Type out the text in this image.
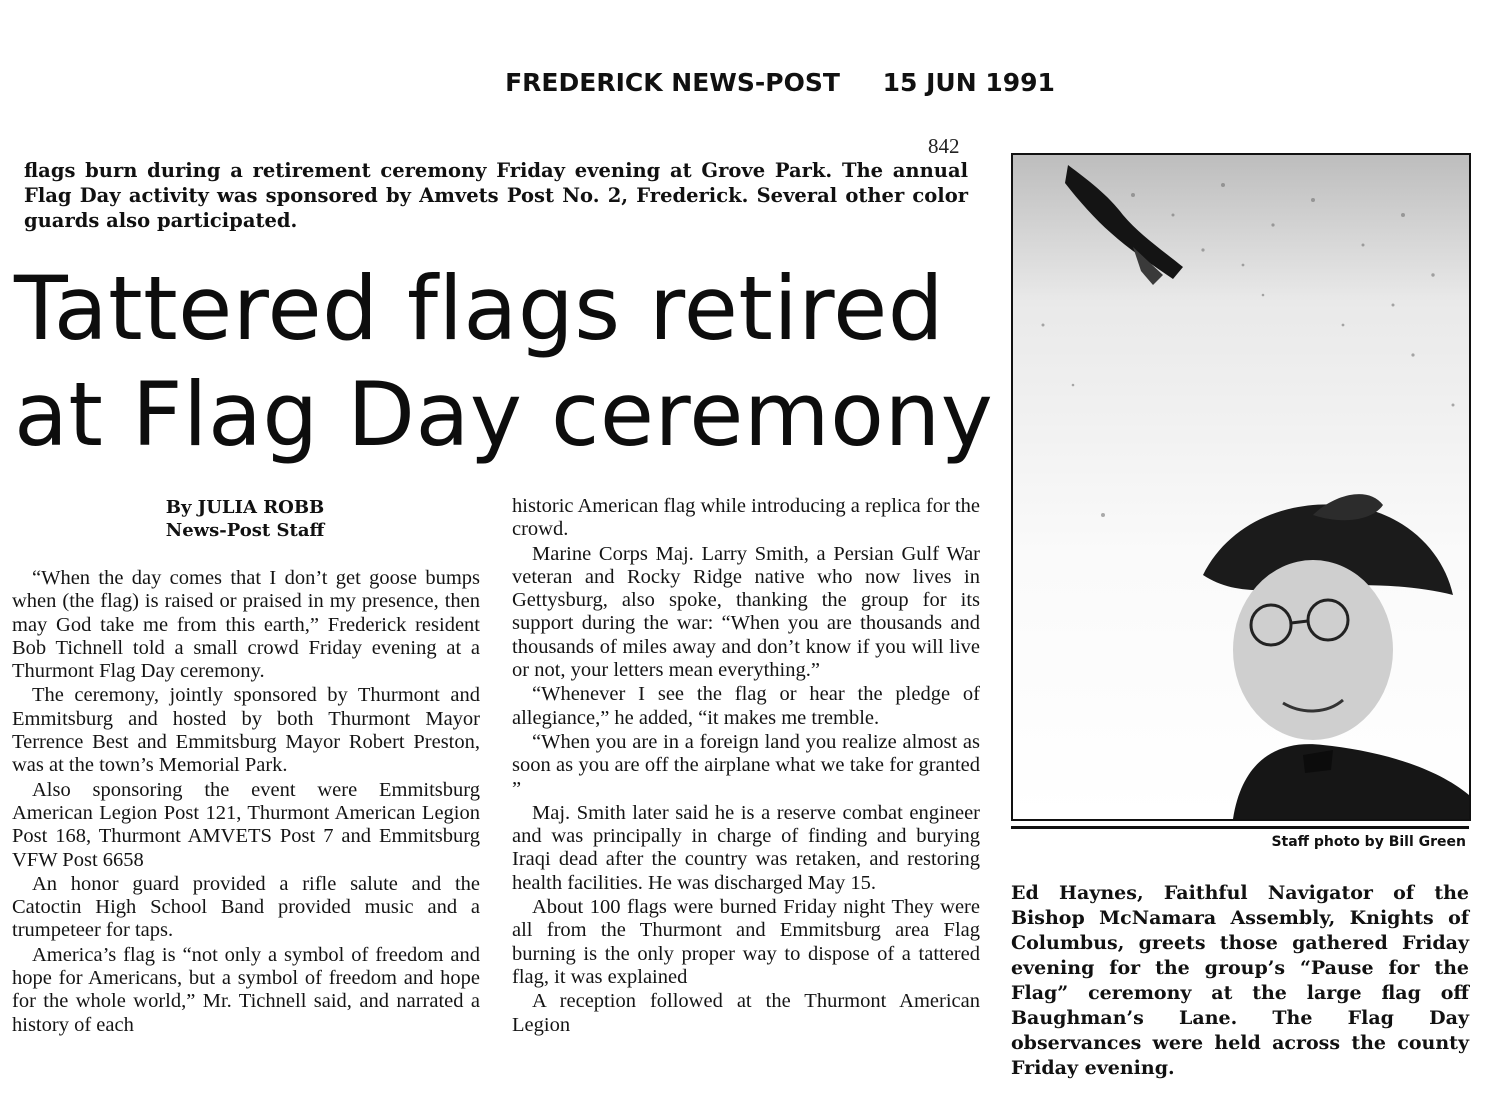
FREDERICK NEWS-POST 15 JUN 1991
842
flags burn during a retirement ceremony Friday evening at Grove Park. The annual Flag Day activity was sponsored by Amvets Post No. 2, Frederick. Several other color guards also participated.
Tattered flags retired
at Flag Day ceremony
By JULIA ROBB
News-Post Staff

“When the day comes that I don’t get goose bumps when (the flag) is raised or praised in my presence, then may God take me from this earth,” Frederick resident Bob Tichnell told a small crowd Friday evening at a Thurmont Flag Day ceremony.

The ceremony, jointly sponsored by Thurmont and Emmitsburg and hosted by both Thurmont Mayor Terrence Best and Emmitsburg Mayor Robert Preston, was at the town’s Memorial Park.

Also sponsoring the event were Emmitsburg American Legion Post 121, Thurmont American Legion Post 168, Thurmont AMVETS Post 7 and Emmitsburg VFW Post 6658

An honor guard provided a rifle salute and the Catoctin High School Band provided music and a trumpeteer for taps.

America’s flag is “not only a symbol of freedom and hope for Americans, but a symbol of freedom and hope for the whole world,” Mr. Tichnell said, and narrated a history of each

historic American flag while introducing a replica for the crowd.

Marine Corps Maj. Larry Smith, a Persian Gulf War veteran and Rocky Ridge native who now lives in Gettysburg, also spoke, thanking the group for its support during the war: “When you are thousands and thousands of miles away and don’t know if you will live or not, your letters mean everything.”

“Whenever I see the flag or hear the pledge of allegiance,” he added, “it makes me tremble.

“When you are in a foreign land you realize almost as soon as you are off the airplane what we take for granted ”

Maj. Smith later said he is a reserve combat engineer and was principally in charge of finding and burying Iraqi dead after the country was retaken, and restoring health facilities. He was discharged May 15.

About 100 flags were burned Friday night They were all from the Thurmont and Emmitsburg area Flag burning is the only proper way to dispose of a tattered flag, it was explained

A reception followed at the Thurmont American Legion

Staff photo by Bill Green
Ed Haynes, Faithful Navigator of the Bishop McNamara Assembly, Knights of Columbus, greets those gathered Friday evening for the group’s “Pause for the Flag” ceremony at the large flag off Baughman’s Lane. The Flag Day observances were held across the county Friday evening.
